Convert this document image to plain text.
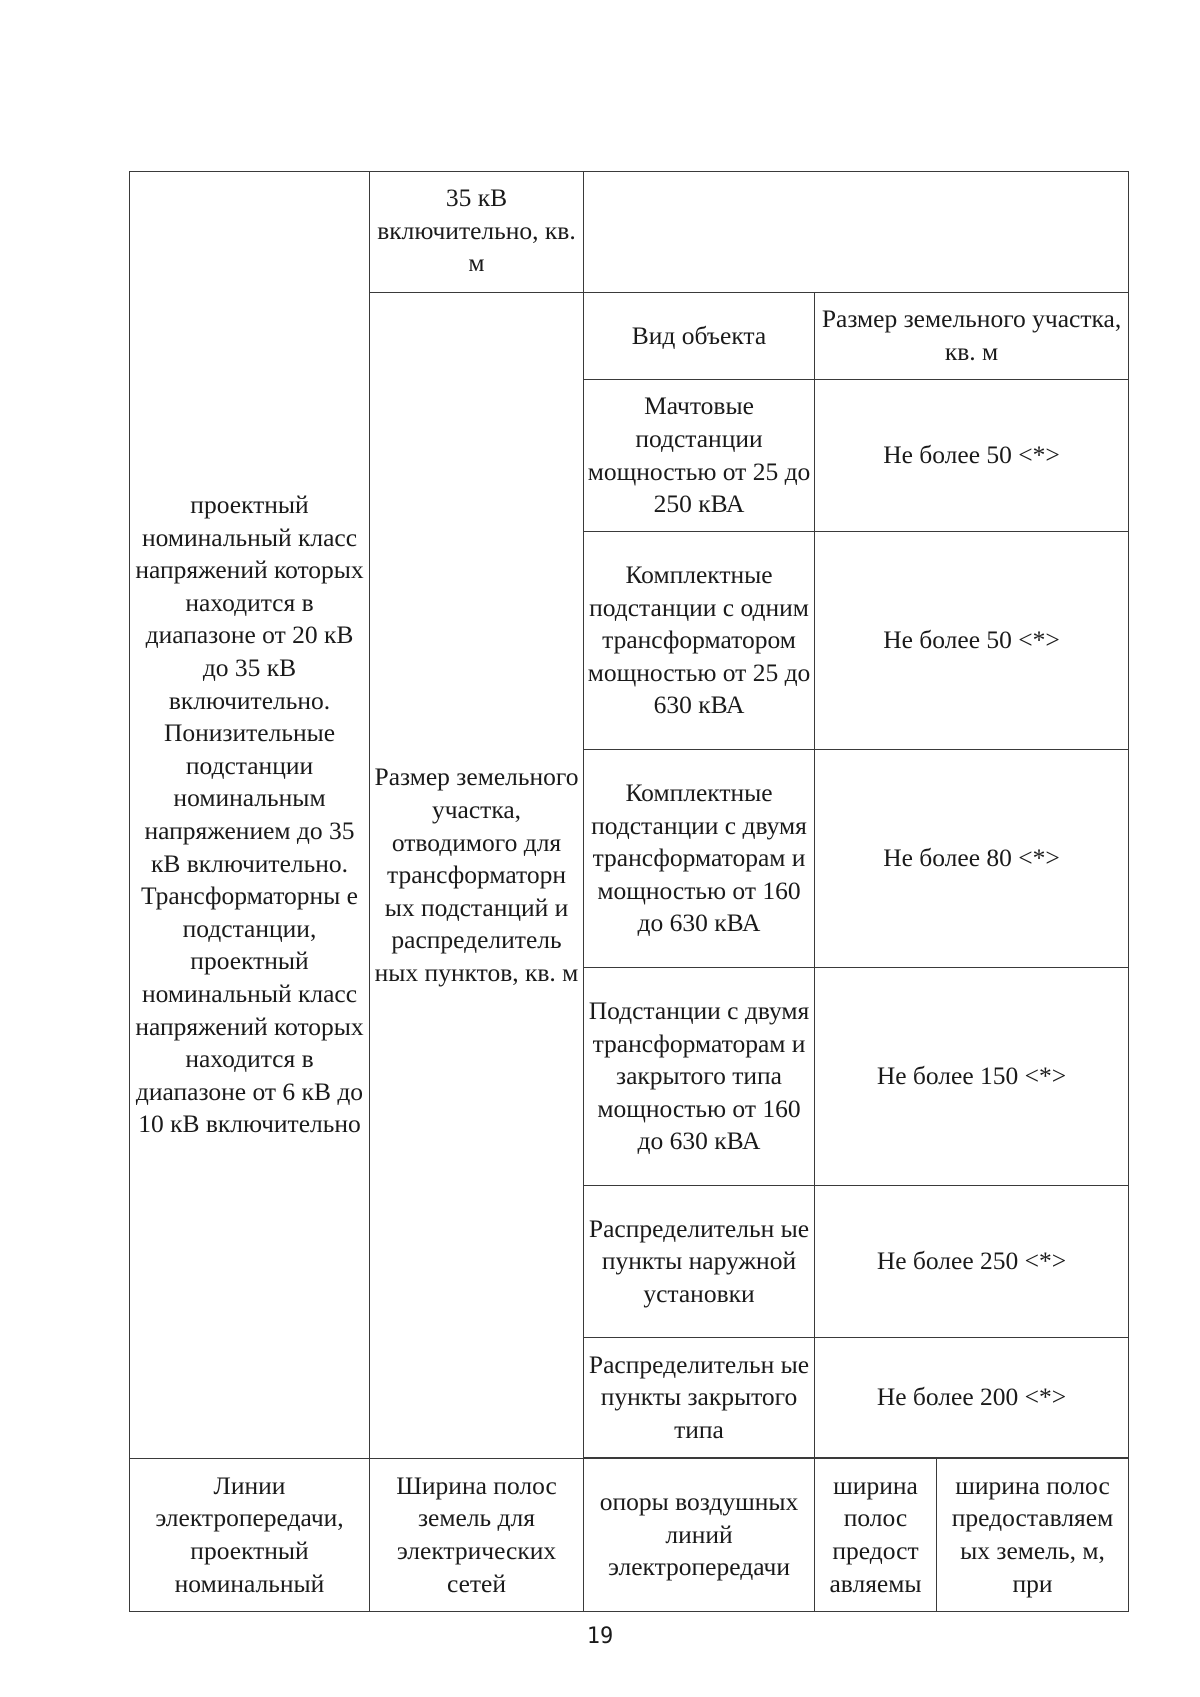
проектный номинальный класс напряжений которых находится в диапазоне от 20 кВ до 35 кВ включительно. Понизительные подстанции номинальным напряжением до 35 кВ включительно. Трансформаторны е подстанции, проектный номинальный класс напряжений которых находится в диапазоне от 6 кВ до 10 кВ включительно	35 кВ включительно, кв. м			
	Размер земельного участка, отводимого для трансформаторн ых подстанций и распределитель ных пунктов, кв. м	Вид объекта	Размер земельного участка, кв. м	
		Мачтовые подстанции мощностью от 25 до 250 кВА	Не более 50 <*>	
		Комплектные подстанции с одним трансформатором мощностью от 25 до 630 кВА	Не более 50 <*>	
		Комплектные подстанции с двумя трансформаторам и мощностью от 160 до 630 кВА	Не более 80 <*>	
		Подстанции с двумя трансформаторам и закрытого типа мощностью от 160 до 630 кВА	Не более 150 <*>	
		Распределительн ые пункты наружной установки	Не более 250 <*>	
		Распределительн ые пункты закрытого типа	Не более 200 <*>	

Линии электропередачи, проектный номинальный	Ширина полос земель для электрических сетей	опоры воздушных линий электропередачи	ширина полос предост авляемы	ширина полос предоставляем ых земель, м, при
19
